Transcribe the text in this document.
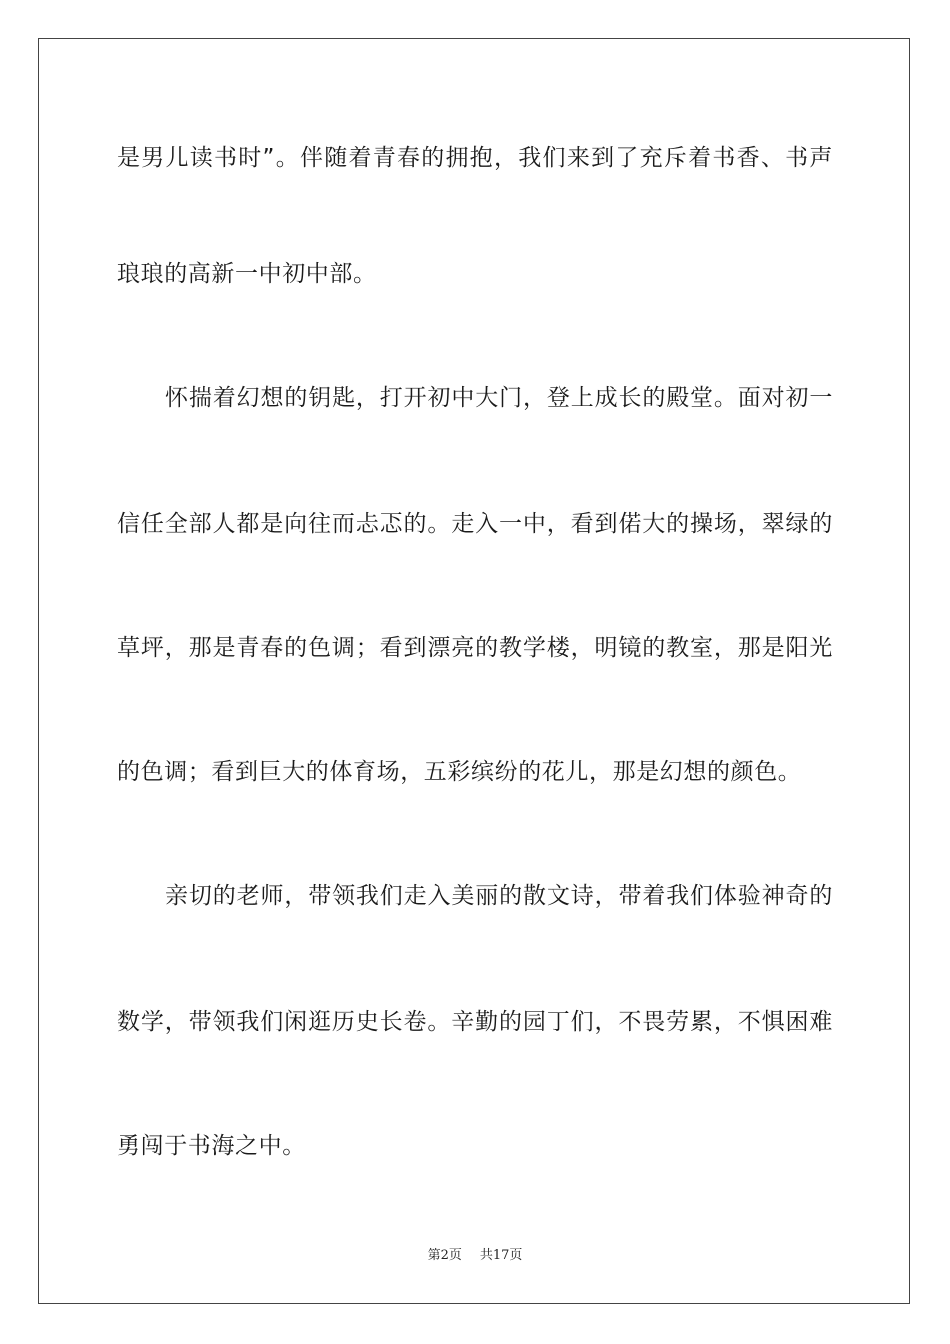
是男儿读书时”。伴随着青春的拥抱，我们来到了充斥着书香、书声
琅琅的高新一中初中部。
怀揣着幻想的钥匙，打开初中大门，登上成长的殿堂。面对初一
信任全部人都是向往而忐忑的。走入一中，看到偌大的操场，翠绿的
草坪，那是青春的色调；看到漂亮的教学楼，明镜的教室，那是阳光
的色调；看到巨大的体育场，五彩缤纷的花儿，那是幻想的颜色。
亲切的老师，带领我们走入美丽的散文诗，带着我们体验神奇的
数学，带领我们闲逛历史长卷。辛勤的园丁们，不畏劳累，不惧困难
勇闯于书海之中。
第2页 共17页
